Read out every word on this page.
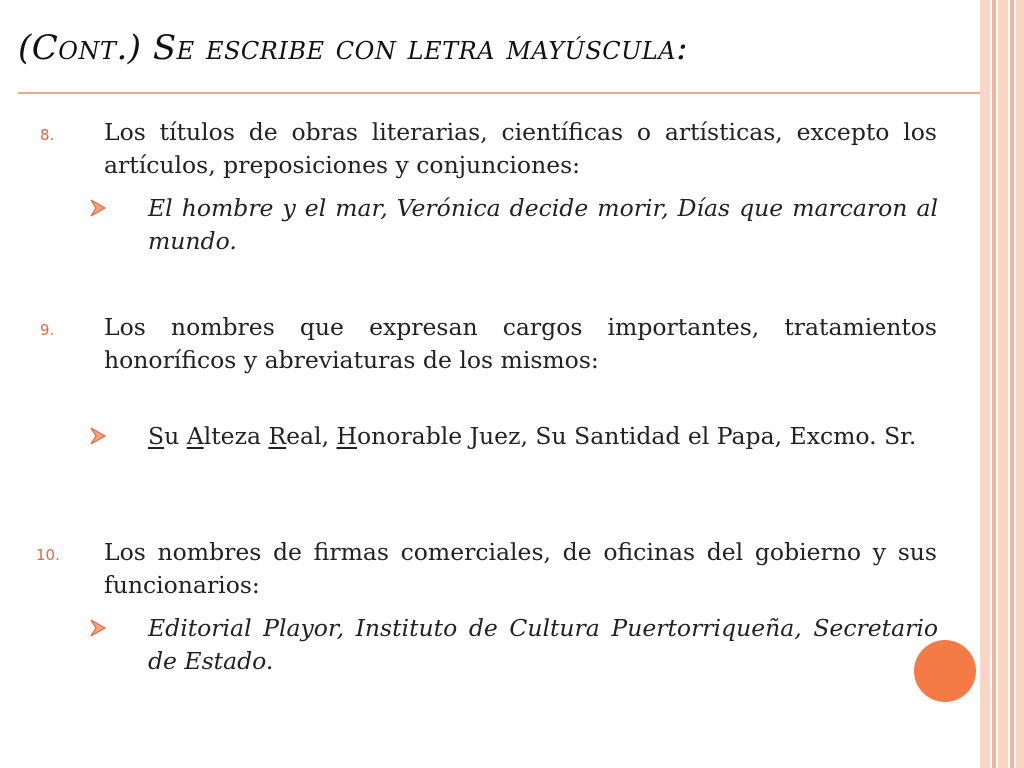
(Cont.) Se escribe con letra mayúscula:
8. Los títulos de obras literarias, científicas o artísticas, excepto los artículos, preposiciones y conjunciones:

El hombre y el mar, Verónica decide morir, Días que marcaron al mundo.

9. Los nombres que expresan cargos importantes, tratamientos honoríficos y abreviaturas de los mismos:

Su Alteza Real, Honorable Juez, Su Santidad el Papa, Excmo. Sr.

10. Los nombres de firmas comerciales, de oficinas del gobierno y sus funcionarios:

Editorial Playor, Instituto de Cultura Puertorriqueña, Secretario de Estado.
